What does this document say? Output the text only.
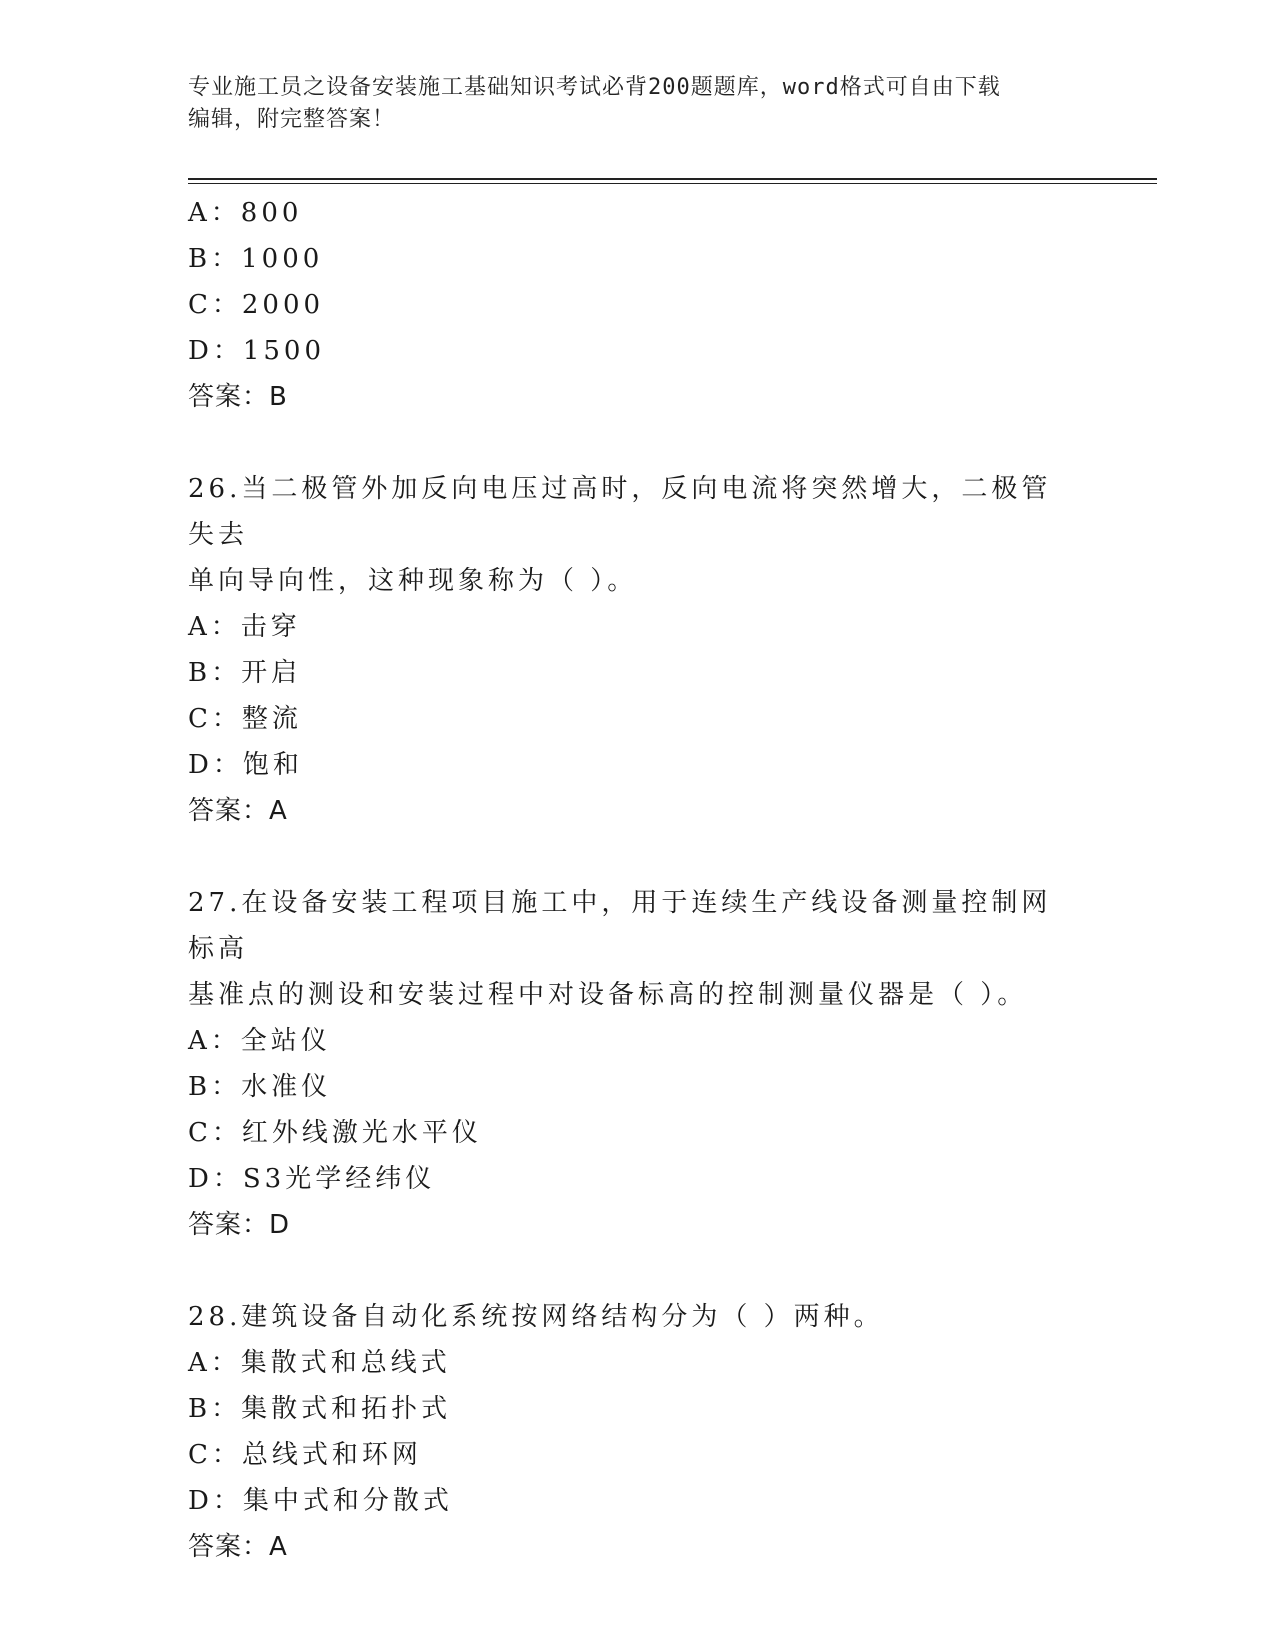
专业施工员之设备安装施工基础知识考试必背200题题库，word格式可自由下载
编辑，附完整答案！
A：800
B：1000
C：2000
D：1500
答案：B
26.当二极管外加反向电压过高时，反向电流将突然增大，二极管失去
单向导向性，这种现象称为（ ）。
A：击穿
B：开启
C：整流
D：饱和
答案：A
27.在设备安装工程项目施工中，用于连续生产线设备测量控制网标高
基准点的测设和安装过程中对设备标高的控制测量仪器是（ ）。
A：全站仪
B：水准仪
C：红外线激光水平仪
D：S3光学经纬仪
答案：D
28.建筑设备自动化系统按网络结构分为（ ）两种。
A：集散式和总线式
B：集散式和拓扑式
C：总线式和环网
D：集中式和分散式
答案：A
